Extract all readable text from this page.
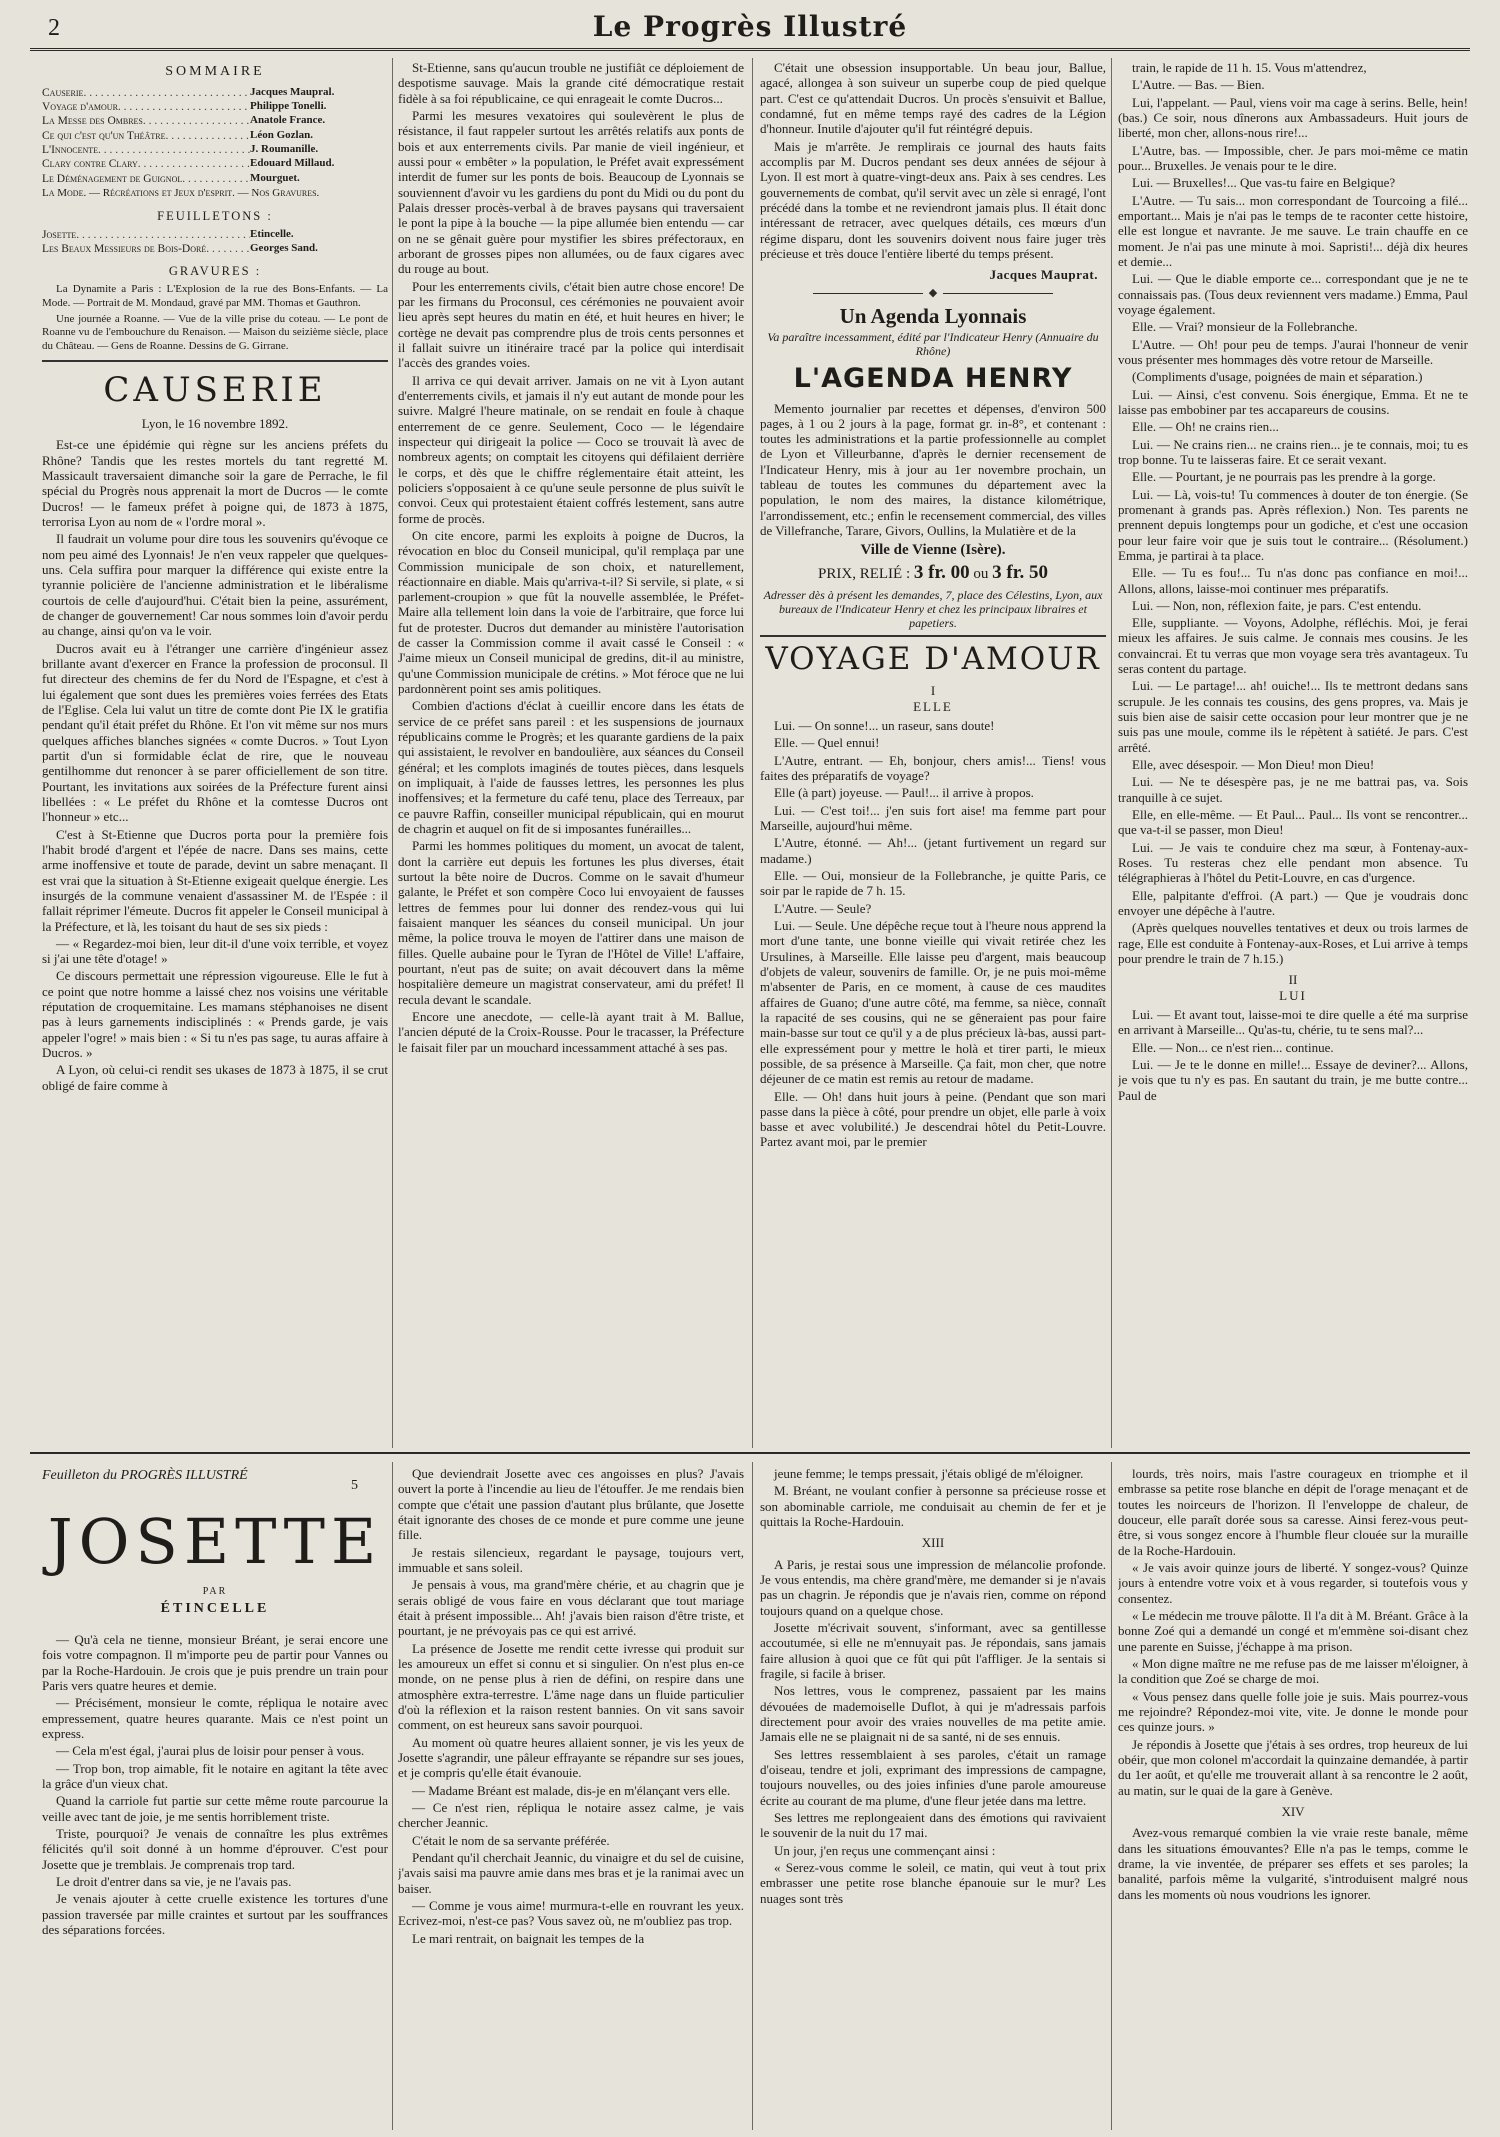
2	Le Progrès Illustré
SOMMAIRE
Causerie . . .	Jacques Maupral.
Voyage d'amour . . .	Philippe Tonelli.
La Messe des Ombres . . .	Anatole France.
Ce qui c'est qu'un Théâtre . . .	Léon Gozlan.
L'Innocente . . .	J. Roumanille.
Clary contre Clary . . .	Edouard Millaud.
Le Déménagement de Guignol . . .	Mourguet.
La Mode. — Récréations et Jeux d'esprit. — Nos Gravures.
FEUILLETONS :
Josette . . .	Etincelle.
Les Beaux Messieurs de Bois-Doré . . .	Georges Sand.
GRAVURES :

La Dynamite a Paris : L'Explosion de la rue des Bons-Enfants. — La Mode. — Portrait de M. Mondaud, gravé par MM. Thomas et Gauthron.

Une journée a Roanne. — Vue de la ville prise du coteau. — Le pont de Roanne vu de l'embouchure du Renaison. — Maison du seizième siècle, place du Château. — Gens de Roanne. Dessins de G. Girrane.

CAUSERIE
Lyon, le 16 novembre 1892.

Est-ce une épidémie qui règne sur les anciens préfets du Rhône? Tandis que les restes mortels du tant regretté M. Massicault traversaient dimanche soir la gare de Perrache, le fil spécial du Progrès nous apprenait la mort de Ducros — le comte Ducros! — le fameux préfet à poigne qui, de 1873 à 1875, terrorisa Lyon au nom de « l'ordre moral ».

Il faudrait un volume pour dire tous les souvenirs qu'évoque ce nom peu aimé des Lyonnais! Je n'en veux rappeler que quelques-uns. Cela suffira pour marquer la différence qui existe entre la tyrannie policière de l'ancienne administration et le libéralisme courtois de celle d'aujourd'hui. C'était bien la peine, assurément, de changer de gouvernement! Car nous sommes loin d'avoir perdu au change, ainsi qu'on va le voir.

Ducros avait eu à l'étranger une carrière d'ingénieur assez brillante avant d'exercer en France la profession de proconsul. Il fut directeur des chemins de fer du Nord de l'Espagne, et c'est à lui également que sont dues les premières voies ferrées des Etats de l'Eglise. Cela lui valut un titre de comte dont Pie IX le gratifia pendant qu'il était préfet du Rhône. Et l'on vit même sur nos murs quelques affiches blanches signées « comte Ducros. » Tout Lyon partit d'un si formidable éclat de rire, que le nouveau gentilhomme dut renoncer à se parer officiellement de son titre. Pourtant, les invitations aux soirées de la Préfecture furent ainsi libellées : « Le préfet du Rhône et la comtesse Ducros ont l'honneur » etc...

C'est à St-Etienne que Ducros porta pour la première fois l'habit brodé d'argent et l'épée de nacre. Dans ses mains, cette arme inoffensive et toute de parade, devint un sabre menaçant. Il est vrai que la situation à St-Etienne exigeait quelque énergie. Les insurgés de la commune venaient d'assassiner M. de l'Espée : il fallait réprimer l'émeute. Ducros fit appeler le Conseil municipal à la Préfecture, et là, les toisant du haut de ses six pieds :

— « Regardez-moi bien, leur dit-il d'une voix terrible, et voyez si j'ai une tête d'otage! »

Ce discours permettait une répression vigoureuse. Elle le fut à ce point que notre homme a laissé chez nos voisins une véritable réputation de croquemitaine. Les mamans stéphanoises ne disent pas à leurs garnements indisciplinés : « Prends garde, je vais appeler l'ogre! » mais bien : « Si tu n'es pas sage, tu auras affaire à Ducros. »

A Lyon, où celui-ci rendit ses ukases de 1873 à 1875, il se crut obligé de faire comme à

St-Etienne, sans qu'aucun trouble ne justifiât ce déploiement de despotisme sauvage. Mais la grande cité démocratique restait fidèle à sa foi républicaine, ce qui enrageait le comte Ducros...

Parmi les mesures vexatoires qui soulevèrent le plus de résistance, il faut rappeler surtout les arrêtés relatifs aux ponts de bois et aux enterrements civils. Par manie de vieil ingénieur, et aussi pour « embêter » la population, le Préfet avait expressément interdit de fumer sur les ponts de bois. Beaucoup de Lyonnais se souviennent d'avoir vu les gardiens du pont du Midi ou du pont du Palais dresser procès-verbal à de braves paysans qui traversaient le pont la pipe à la bouche — la pipe allumée bien entendu — car on ne se gênait guère pour mystifier les sbires préfectoraux, en arborant de grosses pipes non allumées, ou de faux cigares avec du rouge au bout.

Pour les enterrements civils, c'était bien autre chose encore! De par les firmans du Proconsul, ces cérémonies ne pouvaient avoir lieu après sept heures du matin en été, et huit heures en hiver; le cortège ne devait pas comprendre plus de trois cents personnes et il fallait suivre un itinéraire tracé par la police qui interdisait l'accès des grandes voies.

Il arriva ce qui devait arriver. Jamais on ne vit à Lyon autant d'enterrements civils, et jamais il n'y eut autant de monde pour les suivre. Malgré l'heure matinale, on se rendait en foule à chaque enterrement de ce genre. Seulement, Coco — le légendaire inspecteur qui dirigeait la police — Coco se trouvait là avec de nombreux agents; on comptait les citoyens qui défilaient derrière le corps, et dès que le chiffre réglementaire était atteint, les policiers s'opposaient à ce qu'une seule personne de plus suivît le convoi. Ceux qui protestaient étaient coffrés lestement, sans autre forme de procès.

On cite encore, parmi les exploits à poigne de Ducros, la révocation en bloc du Conseil municipal, qu'il remplaça par une Commission municipale de son choix, et naturellement, réactionnaire en diable. Mais qu'arriva-t-il? Si servile, si plate, « si parlement-croupion » que fût la nouvelle assemblée, le Préfet-Maire alla tellement loin dans la voie de l'arbitraire, que force lui fut de protester. Ducros dut demander au ministère l'autorisation de casser la Commission comme il avait cassé le Conseil : « J'aime mieux un Conseil municipal de gredins, dit-il au ministre, qu'une Commission municipale de crétins. » Mot féroce que ne lui pardonnèrent point ses amis politiques.

Combien d'actions d'éclat à cueillir encore dans les états de service de ce préfet sans pareil : et les suspensions de journaux républicains comme le Progrès; et les quarante gardiens de la paix qui assistaient, le revolver en bandoulière, aux séances du Conseil général; et les complots imaginés de toutes pièces, dans lesquels on impliquait, à l'aide de fausses lettres, les personnes les plus inoffensives; et la fermeture du café tenu, place des Terreaux, par ce pauvre Raffin, conseiller municipal républicain, qui en mourut de chagrin et auquel on fit de si imposantes funérailles...

Parmi les hommes politiques du moment, un avocat de talent, dont la carrière eut depuis les fortunes les plus diverses, était surtout la bête noire de Ducros. Comme on le savait d'humeur galante, le Préfet et son compère Coco lui envoyaient de fausses lettres de femmes pour lui donner des rendez-vous qui lui faisaient manquer les séances du conseil municipal. Un jour même, la police trouva le moyen de l'attirer dans une maison de filles. Quelle aubaine pour le Tyran de l'Hôtel de Ville! L'affaire, pourtant, n'eut pas de suite; on avait découvert dans la même hospitalière demeure un magistrat conservateur, ami du préfet! Il recula devant le scandale.

Encore une anecdote, — celle-là ayant trait à M. Ballue, l'ancien député de la Croix-Rousse. Pour le tracasser, la Préfecture le faisait filer par un mouchard incessamment attaché à ses pas.

C'était une obsession insupportable. Un beau jour, Ballue, agacé, allongea à son suiveur un superbe coup de pied quelque part. C'est ce qu'attendait Ducros. Un procès s'ensuivit et Ballue, condamné, fut en même temps rayé des cadres de la Légion d'honneur. Inutile d'ajouter qu'il fut réintégré depuis.

Mais je m'arrête. Je remplirais ce journal des hauts faits accomplis par M. Ducros pendant ses deux années de séjour à Lyon. Il est mort à quatre-vingt-deux ans. Paix à ses cendres. Les gouvernements de combat, qu'il servit avec un zèle si enragé, l'ont précédé dans la tombe et ne reviendront jamais plus. Il était donc intéressant de retracer, avec quelques détails, ces mœurs d'un régime disparu, dont les souvenirs doivent nous faire juger très précieuse et très douce l'entière liberté du temps présent.

Jacques Mauprat.
◆
Un Agenda Lyonnais
Va paraître incessamment, édité par l'Indicateur Henry (Annuaire du Rhône)
L'AGENDA HENRY

Memento journalier par recettes et dépenses, d'environ 500 pages, à 1 ou 2 jours à la page, format gr. in-8°, et contenant : toutes les administrations et la partie professionnelle au complet de Lyon et Villeurbanne, d'après le dernier recensement de l'Indicateur Henry, mis à jour au 1er novembre prochain, un tableau de toutes les communes du département avec la population, le nom des maires, la distance kilométrique, l'arrondissement, etc.; enfin le recensement commercial, des villes de Villefranche, Tarare, Givors, Oullins, la Mulatière et de la

Ville de Vienne (Isère).
PRIX, RELIÉ : 3 fr. 00 ou 3 fr. 50
Adresser dès à présent les demandes, 7, place des Célestins, Lyon, aux bureaux de l'Indicateur Henry et chez les principaux libraires et papetiers.
VOYAGE D'AMOUR
I
ELLE

Lui. — On sonne!... un raseur, sans doute!

Elle. — Quel ennui!

L'Autre, entrant. — Eh, bonjour, chers amis!... Tiens! vous faites des préparatifs de voyage?

Elle (à part) joyeuse. — Paul!... il arrive à propos.

Lui. — C'est toi!... j'en suis fort aise! ma femme part pour Marseille, aujourd'hui même.

L'Autre, étonné. — Ah!... (jetant furtivement un regard sur madame.)

Elle. — Oui, monsieur de la Follebranche, je quitte Paris, ce soir par le rapide de 7 h. 15.

L'Autre. — Seule?

Lui. — Seule. Une dépêche reçue tout à l'heure nous apprend la mort d'une tante, une bonne vieille qui vivait retirée chez les Ursulines, à Marseille. Elle laisse peu d'argent, mais beaucoup d'objets de valeur, souvenirs de famille. Or, je ne puis moi-même m'absenter de Paris, en ce moment, à cause de ces maudites affaires de Guano; d'une autre côté, ma femme, sa nièce, connaît la rapacité de ses cousins, qui ne se gêneraient pas pour faire main-basse sur tout ce qu'il y a de plus précieux là-bas, aussi part-elle expressément pour y mettre le holà et tirer parti, le mieux possible, de sa présence à Marseille. Ça fait, mon cher, que notre déjeuner de ce matin est remis au retour de madame.

Elle. — Oh! dans huit jours à peine. (Pendant que son mari passe dans la pièce à côté, pour prendre un objet, elle parle à voix basse et avec volubilité.) Je descendrai hôtel du Petit-Louvre. Partez avant moi, par le premier

train, le rapide de 11 h. 15. Vous m'attendrez,

L'Autre. — Bas. — Bien.

Lui, l'appelant. — Paul, viens voir ma cage à serins. Belle, hein! (bas.) Ce soir, nous dînerons aux Ambassadeurs. Huit jours de liberté, mon cher, allons-nous rire!...

L'Autre, bas. — Impossible, cher. Je pars moi-même ce matin pour... Bruxelles. Je venais pour te le dire.

Lui. — Bruxelles!... Que vas-tu faire en Belgique?

L'Autre. — Tu sais... mon correspondant de Tourcoing a filé... emportant... Mais je n'ai pas le temps de te raconter cette histoire, elle est longue et navrante. Je me sauve. Le train chauffe en ce moment. Je n'ai pas une minute à moi. Sapristi!... déjà dix heures et demie...

Lui. — Que le diable emporte ce... correspondant que je ne te connaissais pas. (Tous deux reviennent vers madame.) Emma, Paul voyage également.

Elle. — Vrai? monsieur de la Follebranche.

L'Autre. — Oh! pour peu de temps. J'aurai l'honneur de venir vous présenter mes hommages dès votre retour de Marseille.

(Compliments d'usage, poignées de main et séparation.)

Lui. — Ainsi, c'est convenu. Sois énergique, Emma. Et ne te laisse pas embobiner par tes accapareurs de cousins.

Elle. — Oh! ne crains rien...

Lui. — Ne crains rien... ne crains rien... je te connais, moi; tu es trop bonne. Tu te laisseras faire. Et ce serait vexant.

Elle. — Pourtant, je ne pourrais pas les prendre à la gorge.

Lui. — Là, vois-tu! Tu commences à douter de ton énergie. (Se promenant à grands pas. Après réflexion.) Non. Tes parents ne prennent depuis longtemps pour un godiche, et c'est une occasion pour leur faire voir que je suis tout le contraire... (Résolument.) Emma, je partirai à ta place.

Elle. — Tu es fou!... Tu n'as donc pas confiance en moi!... Allons, allons, laisse-moi continuer mes préparatifs.

Lui. — Non, non, réflexion faite, je pars. C'est entendu.

Elle, suppliante. — Voyons, Adolphe, réfléchis. Moi, je ferai mieux les affaires. Je suis calme. Je connais mes cousins. Je les convaincrai. Et tu verras que mon voyage sera très avantageux. Tu seras content du partage.

Lui. — Le partage!... ah! ouiche!... Ils te mettront dedans sans scrupule. Je les connais tes cousins, des gens propres, va. Mais je suis bien aise de saisir cette occasion pour leur montrer que je ne suis pas une moule, comme ils le répètent à satiété. Je pars. C'est arrêté.

Elle, avec désespoir. — Mon Dieu! mon Dieu!

Lui. — Ne te désespère pas, je ne me battrai pas, va. Sois tranquille à ce sujet.

Elle, en elle-même. — Et Paul... Paul... Ils vont se rencontrer... que va-t-il se passer, mon Dieu!

Lui. — Je vais te conduire chez ma sœur, à Fontenay-aux-Roses. Tu resteras chez elle pendant mon absence. Tu télégraphieras à l'hôtel du Petit-Louvre, en cas d'urgence.

Elle, palpitante d'effroi. (A part.) — Que je voudrais donc envoyer une dépêche à l'autre.

(Après quelques nouvelles tentatives et deux ou trois larmes de rage, Elle est conduite à Fontenay-aux-Roses, et Lui arrive à temps pour prendre le train de 7 h.15.)

II
LUI

Lui. — Et avant tout, laisse-moi te dire quelle a été ma surprise en arrivant à Marseille... Qu'as-tu, chérie, tu te sens mal?...

Elle. — Non... ce n'est rien... continue.

Lui. — Je te le donne en mille!... Essaye de deviner?... Allons, je vois que tu n'y es pas. En sautant du train, je me butte contre... Paul de

Feuilleton du PROGRÈS ILLUSTRÉ
5
JOSETTE
PAR
ÉTINCELLE

— Qu'à cela ne tienne, monsieur Bréant, je serai encore une fois votre compagnon. Il m'importe peu de partir pour Vannes ou par la Roche-Hardouin. Je crois que je puis prendre un train pour Paris vers quatre heures et demie.

— Précisément, monsieur le comte, répliqua le notaire avec empressement, quatre heures quarante. Mais ce n'est point un express.

— Cela m'est égal, j'aurai plus de loisir pour penser à vous.

— Trop bon, trop aimable, fit le notaire en agitant la tête avec la grâce d'un vieux chat.

Quand la carriole fut partie sur cette même route parcourue la veille avec tant de joie, je me sentis horriblement triste.

Triste, pourquoi? Je venais de connaître les plus extrêmes félicités qu'il soit donné à un homme d'éprouver. C'est pour Josette que je tremblais. Je comprenais trop tard.

Le droit d'entrer dans sa vie, je ne l'avais pas.

Je venais ajouter à cette cruelle existence les tortures d'une passion traversée par mille craintes et surtout par les souffrances des séparations forcées.

Que deviendrait Josette avec ces angoisses en plus? J'avais ouvert la porte à l'incendie au lieu de l'étouffer. Je me rendais bien compte que c'était une passion d'autant plus brûlante, que Josette était ignorante des choses de ce monde et pure comme une jeune fille.

Je restais silencieux, regardant le paysage, toujours vert, immuable et sans soleil.

Je pensais à vous, ma grand'mère chérie, et au chagrin que je serais obligé de vous faire en vous déclarant que tout mariage était à présent impossible... Ah! j'avais bien raison d'être triste, et pourtant, je ne prévoyais pas ce qui est arrivé.

La présence de Josette me rendit cette ivresse qui produit sur les amoureux un effet si connu et si singulier. On n'est plus en-ce monde, on ne pense plus à rien de défini, on respire dans une atmosphère extra-terrestre. L'âme nage dans un fluide particulier d'où la réflexion et la raison restent bannies. On vit sans savoir comment, on est heureux sans savoir pourquoi.

Au moment où quatre heures allaient sonner, je vis les yeux de Josette s'agrandir, une pâleur effrayante se répandre sur ses joues, et je compris qu'elle était évanouie.

— Madame Bréant est malade, dis-je en m'élançant vers elle.

— Ce n'est rien, répliqua le notaire assez calme, je vais chercher Jeannic.

C'était le nom de sa servante préférée.

Pendant qu'il cherchait Jeannic, du vinaigre et du sel de cuisine, j'avais saisi ma pauvre amie dans mes bras et je la ranimai avec un baiser.

— Comme je vous aime! murmura-t-elle en rouvrant les yeux. Ecrivez-moi, n'est-ce pas? Vous savez où, ne m'oubliez pas trop.

Le mari rentrait, on baignait les tempes de la

jeune femme; le temps pressait, j'étais obligé de m'éloigner.

M. Bréant, ne voulant confier à personne sa précieuse rosse et son abominable carriole, me conduisait au chemin de fer et je quittais la Roche-Hardouin.

XIII

A Paris, je restai sous une impression de mélancolie profonde. Je vous entendis, ma chère grand'mère, me demander si je n'avais pas un chagrin. Je répondis que je n'avais rien, comme on répond toujours quand on a quelque chose.

Josette m'écrivait souvent, s'informant, avec sa gentillesse accoutumée, si elle ne m'ennuyait pas. Je répondais, sans jamais faire allusion à quoi que ce fût qui pût l'affliger. Je la sentais si fragile, si facile à briser.

Nos lettres, vous le comprenez, passaient par les mains dévouées de mademoiselle Duflot, à qui je m'adressais parfois directement pour avoir des vraies nouvelles de ma petite amie. Jamais elle ne se plaignait ni de sa santé, ni de ses ennuis.

Ses lettres ressemblaient à ses paroles, c'était un ramage d'oiseau, tendre et joli, exprimant des impressions de campagne, toujours nouvelles, ou des joies infinies d'une parole amoureuse écrite au courant de ma plume, d'une fleur jetée dans ma lettre.

Ses lettres me replongeaient dans des émotions qui ravivaient le souvenir de la nuit du 17 mai.

Un jour, j'en reçus une commençant ainsi :

« Serez-vous comme le soleil, ce matin, qui veut à tout prix embrasser une petite rose blanche épanouie sur le mur? Les nuages sont très

lourds, très noirs, mais l'astre courageux en triomphe et il embrasse sa petite rose blanche en dépit de l'orage menaçant et de toutes les noirceurs de l'horizon. Il l'enveloppe de chaleur, de douceur, elle paraît dorée sous sa caresse. Ainsi ferez-vous peut-être, si vous songez encore à l'humble fleur clouée sur la muraille de la Roche-Hardouin.

« Je vais avoir quinze jours de liberté. Y songez-vous? Quinze jours à entendre votre voix et à vous regarder, si toutefois vous y consentez.

« Le médecin me trouve pâlotte. Il l'a dit à M. Bréant. Grâce à la bonne Zoé qui a demandé un congé et m'emmène soi-disant chez une parente en Suisse, j'échappe à ma prison.

« Mon digne maître ne me refuse pas de me laisser m'éloigner, à la condition que Zoé se charge de moi.

« Vous pensez dans quelle folle joie je suis. Mais pourrez-vous me rejoindre? Répondez-moi vite, vite. Je donne le monde pour ces quinze jours. »

Je répondis à Josette que j'étais à ses ordres, trop heureux de lui obéir, que mon colonel m'accordait la quinzaine demandée, à partir du 1er août, et qu'elle me trouverait allant à sa rencontre le 2 août, au matin, sur le quai de la gare à Genève.

XIV

Avez-vous remarqué combien la vie vraie reste banale, même dans les situations émouvantes? Elle n'a pas le temps, comme le drame, la vie inventée, de préparer ses effets et ses paroles; la banalité, parfois même la vulgarité, s'introduisent malgré nous dans les moments où nous voudrions les ignorer.
